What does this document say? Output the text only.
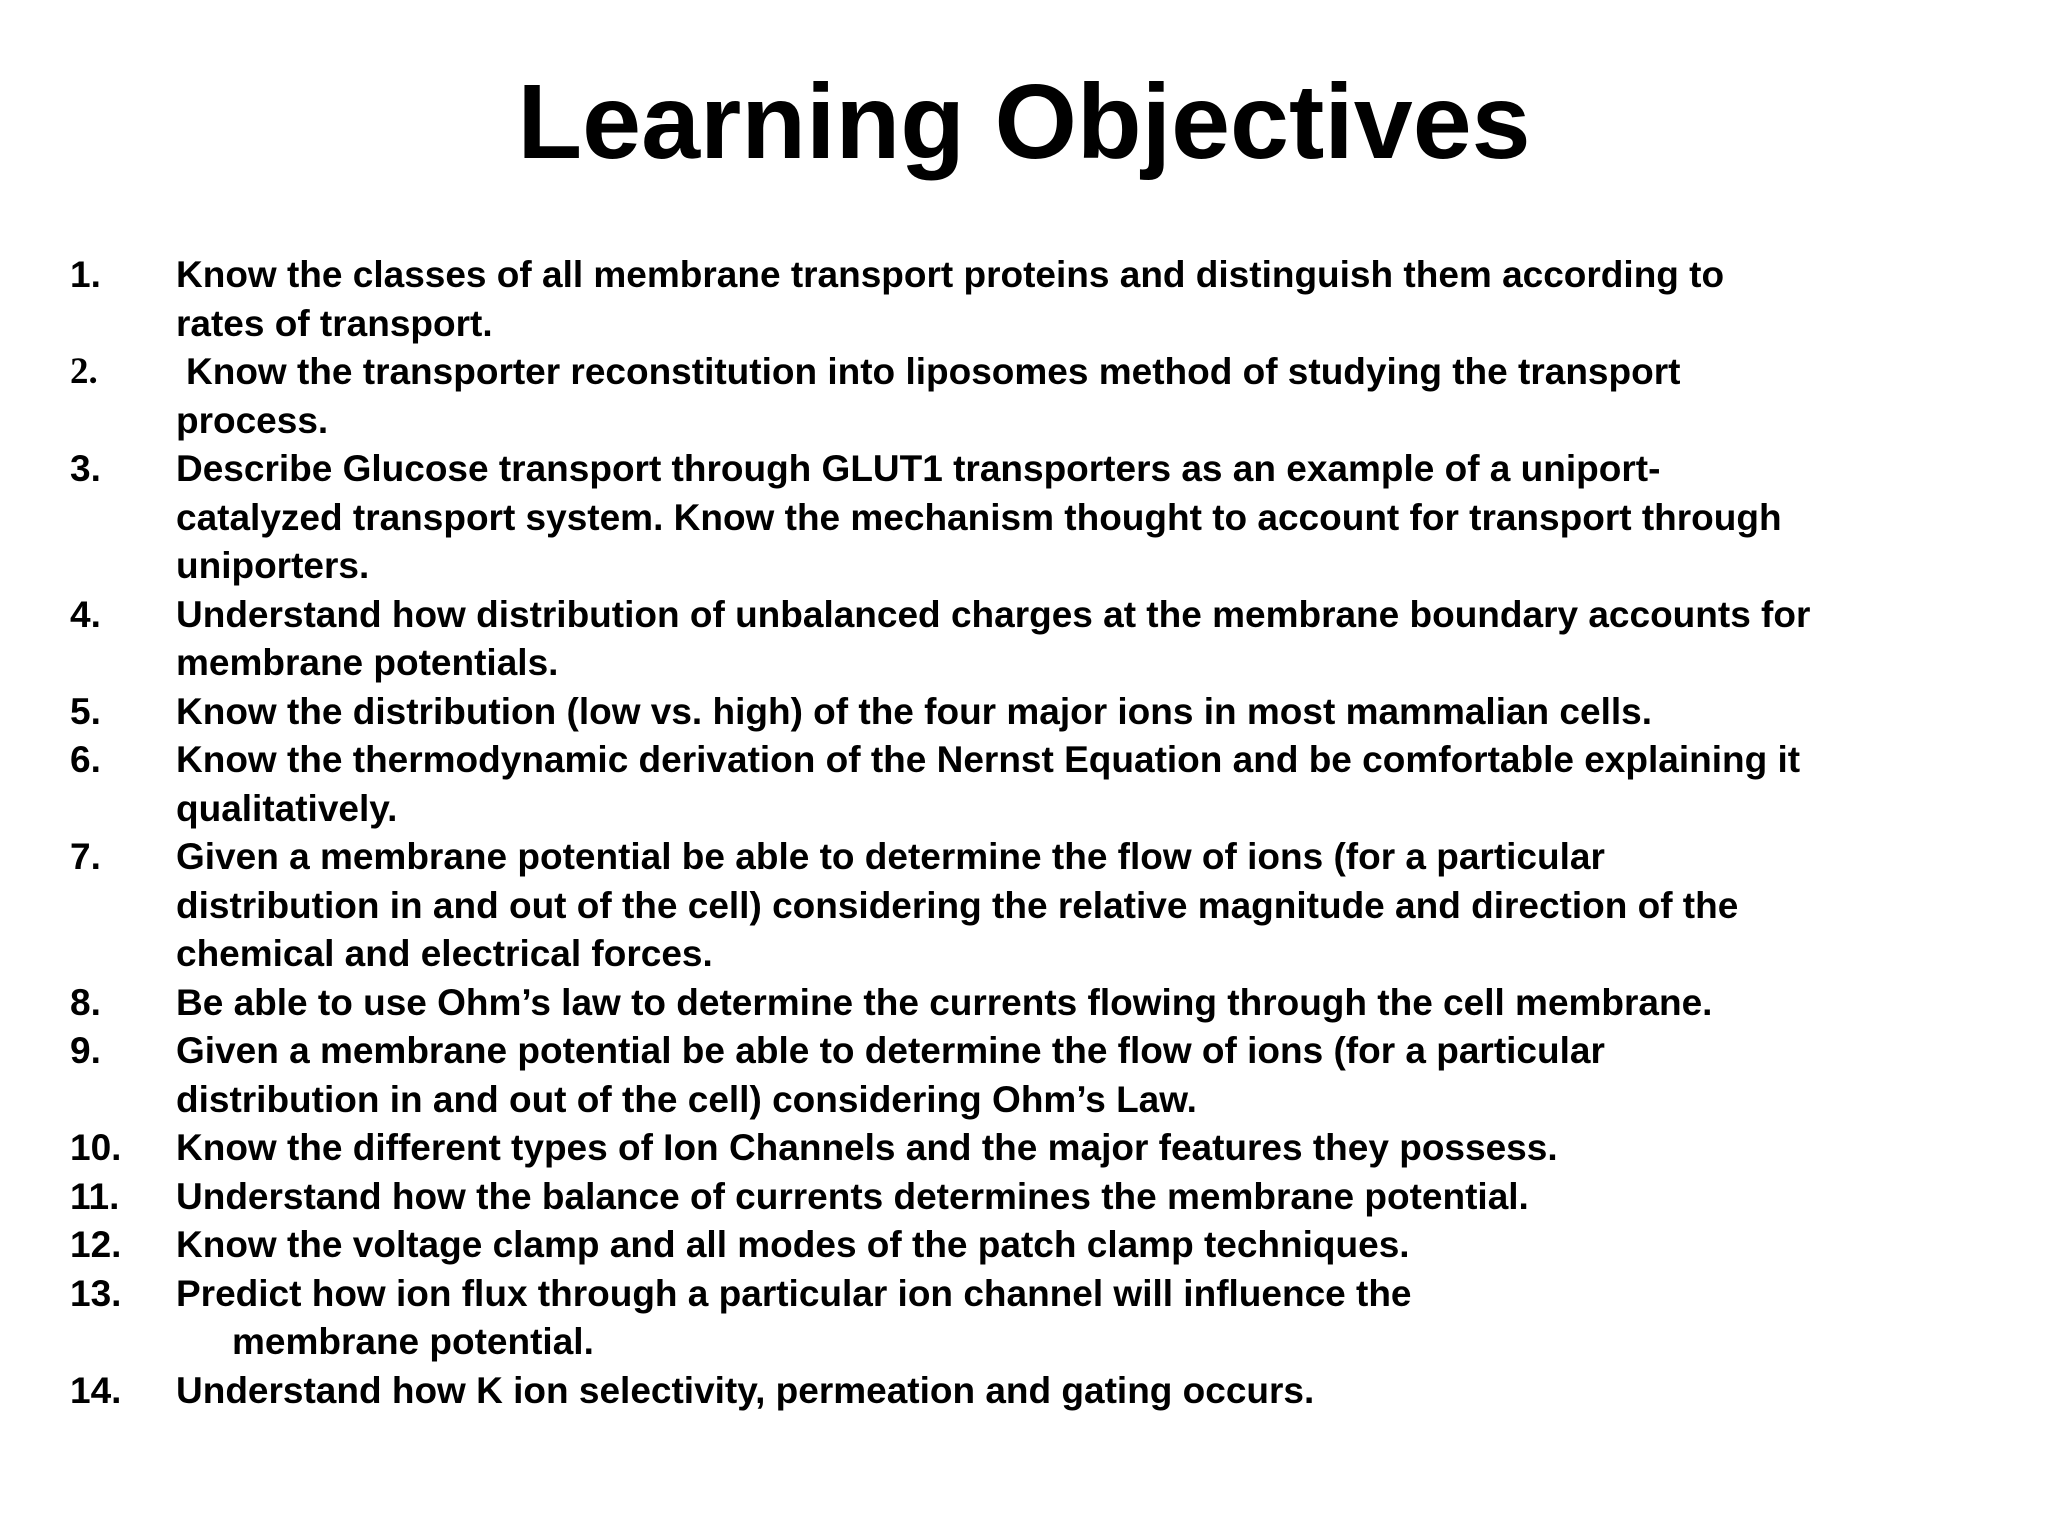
Learning Objectives
1.	Know the classes of all membrane transport proteins and distinguish them according to
rates of transport.
2.	Know the transporter reconstitution into liposomes method of studying the transport
process.
3.	Describe Glucose transport through GLUT1 transporters as an example of a uniport-
catalyzed transport system. Know the mechanism thought to account for transport through
uniporters.
4.	Understand how distribution of unbalanced charges at the membrane boundary accounts for
membrane potentials.
5.	Know the distribution (low vs. high) of the four major ions in most mammalian cells.
6.	Know the thermodynamic derivation of the Nernst Equation and be comfortable explaining it
qualitatively.
7.	Given a membrane potential be able to determine the flow of ions (for a particular
distribution in and out of the cell) considering the relative magnitude and direction of the
chemical and electrical forces.
8.	Be able to use Ohm’s law to determine the currents flowing through the cell membrane.
9.	Given a membrane potential be able to determine the flow of ions (for a particular
distribution in and out of the cell) considering Ohm’s Law.
10.	Know the different types of Ion Channels and the major features they possess.
11.	Understand how the balance of currents determines the membrane potential.
12.	Know the voltage clamp and all modes of the patch clamp techniques.
13.	Predict how ion flux through a particular ion channel will influence the
membrane potential.
14.	Understand how K ion selectivity, permeation and gating occurs.
